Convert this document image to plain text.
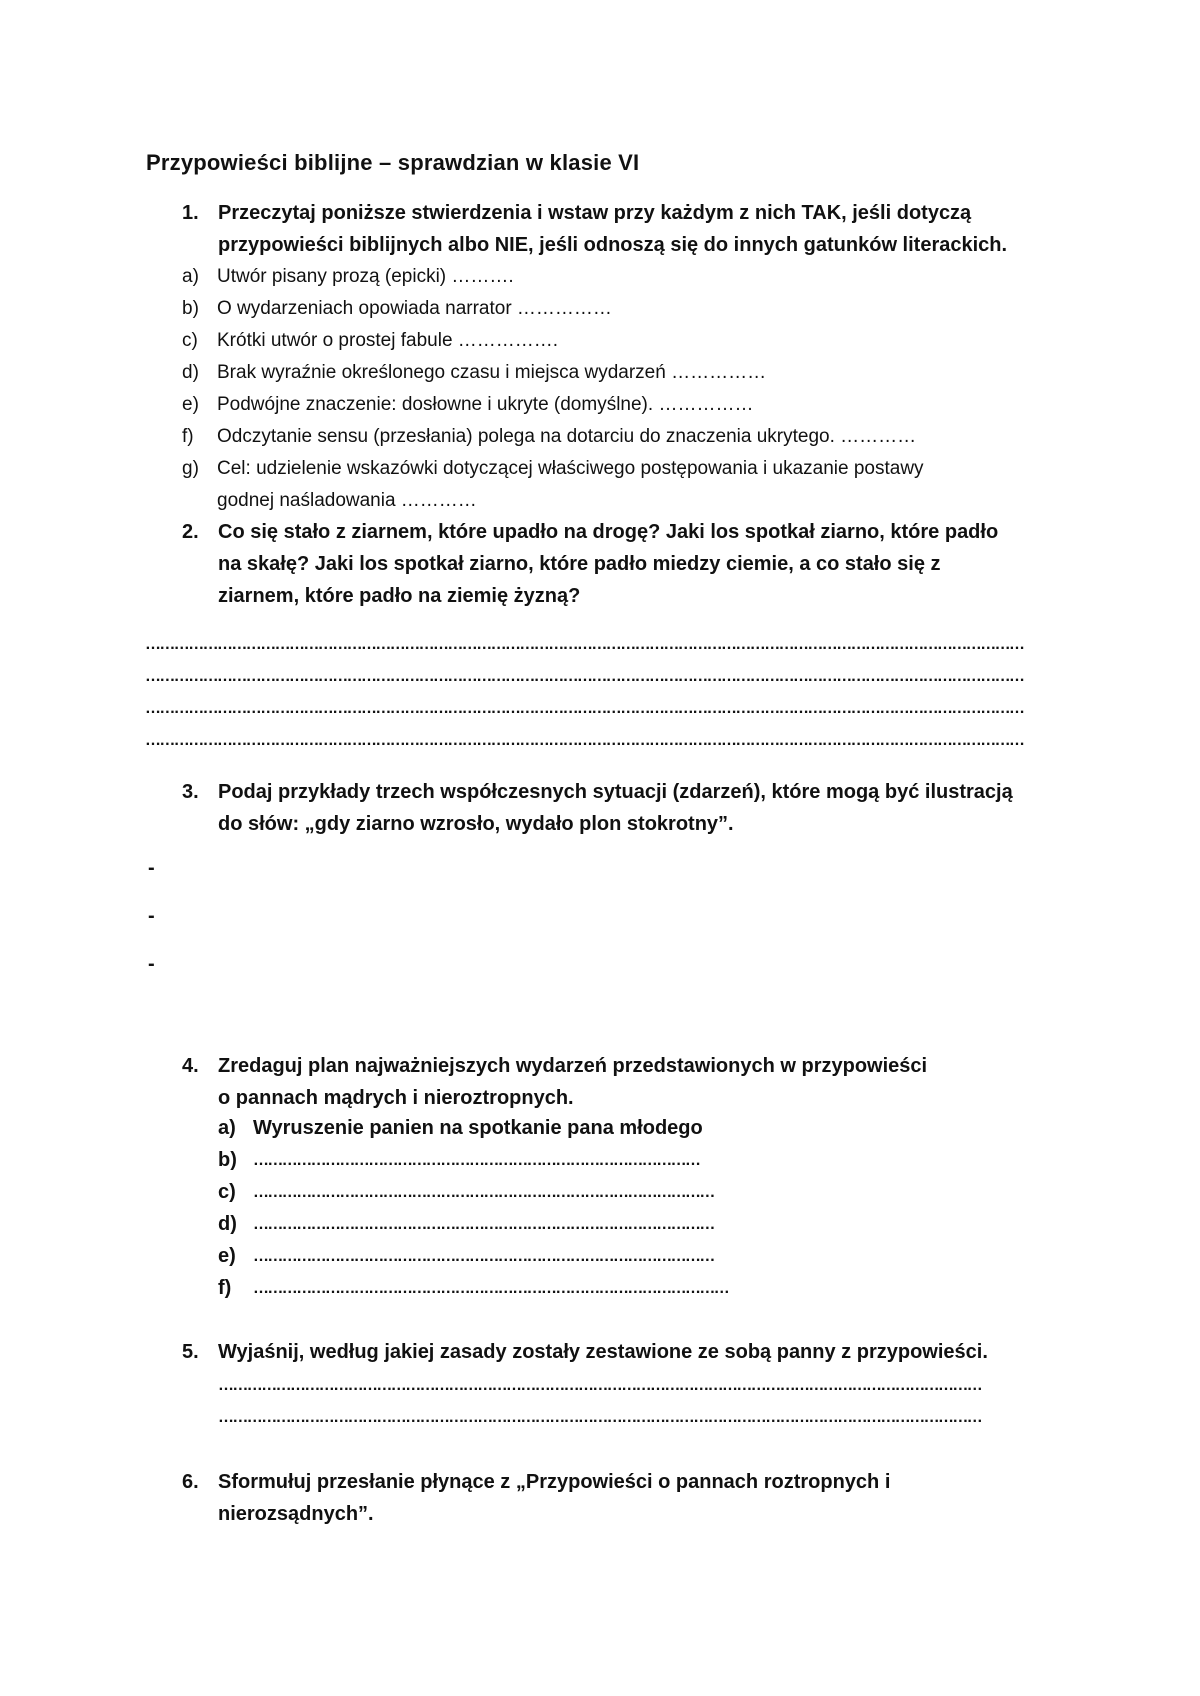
Przypowieści biblijne – sprawdzian w klasie VI
1. Przeczytaj poniższe stwierdzenia i wstaw przy każdym z nich TAK, jeśli dotyczą
przypowieści biblijnych albo NIE, jeśli odnoszą się do innych gatunków literackich.
a) Utwór pisany prozą (epicki) ……….
b) O wydarzeniach opowiada narrator ……………
c) Krótki utwór o prostej fabule …………….
d) Brak wyraźnie określonego czasu i miejsca wydarzeń ……………
e) Podwójne znaczenie: dosłowne i ukryte (domyślne). ……………
f) Odczytanie sensu (przesłania) polega na dotarciu do znaczenia ukrytego. …………
g) Cel: udzielenie wskazówki dotyczącej właściwego postępowania i ukazanie postawy
godnej naśladowania …………
2. Co się stało z ziarnem, które upadło na drogę? Jaki los spotkał ziarno, które padło
na skałę? Jaki los spotkał ziarno, które padło miedzy ciemie, a co stało się z
ziarnem, które padło na ziemię żyzną?
…………………………………………………………………………………………………………………………………………………………………
…………………………………………………………………………………………………………………………………………………………………
…………………………………………………………………………………………………………………………………………………………………
…………………………………………………………………………………………………………………………………………………………………
3. Podaj przykłady trzech współczesnych sytuacji (zdarzeń), które mogą być ilustracją
do słów: „gdy ziarno wzrosło, wydało plon stokrotny”.
-
-
-
4. Zredaguj plan najważniejszych wydarzeń przedstawionych w przypowieści
o pannach mądrych i nieroztropnych.
a) Wyruszenie panien na spotkanie pana młodego
b) …………………………………………………………………………………
c) ……………………………………………………………………………………
d) ……………………………………………………………………………………
e) ……………………………………………………………………………………
f) ………………………………………………………………………………………
5. Wyjaśnij, według jakiej zasady zostały zestawione ze sobą panny z przypowieści.
……………………………………………………………………………………………………………………………………………
……………………………………………………………………………………………………………………………………………
6. Sformułuj przesłanie płynące z „Przypowieści o pannach roztropnych i
nierozsądnych”.
